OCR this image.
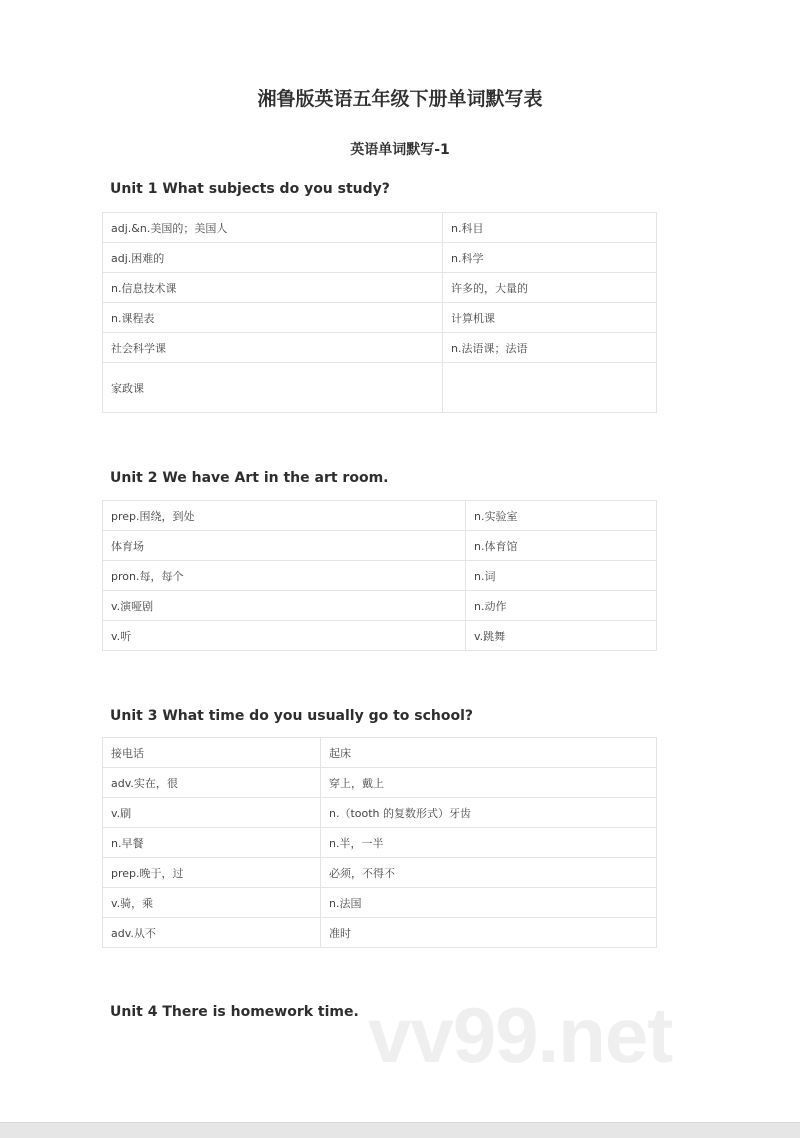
湘鲁版英语五年级下册单词默写表
英语单词默写-1
Unit 1 What subjects do you study?
adj.&n.美国的；美国人	n.科目
adj.困难的	n.科学
n.信息技术课	许多的，大量的
n.课程表	计算机课
社会科学课	n.法语课；法语
家政课	
Unit 2 We have Art in the art room.
prep.围绕，到处	n.实验室
体育场	n.体育馆
pron.每，每个	n.词
v.演哑剧	n.动作
v.听	v.跳舞
Unit 3 What time do you usually go to school?
接电话	起床
adv.实在，很	穿上，戴上
v.刷	n.（tooth 的复数形式）牙齿
n.早餐	n.半，一半
prep.晚于，过	必须，不得不
v.骑，乘	n.法国
adv.从不	准时
Unit 4 There is homework time. vv99.net
